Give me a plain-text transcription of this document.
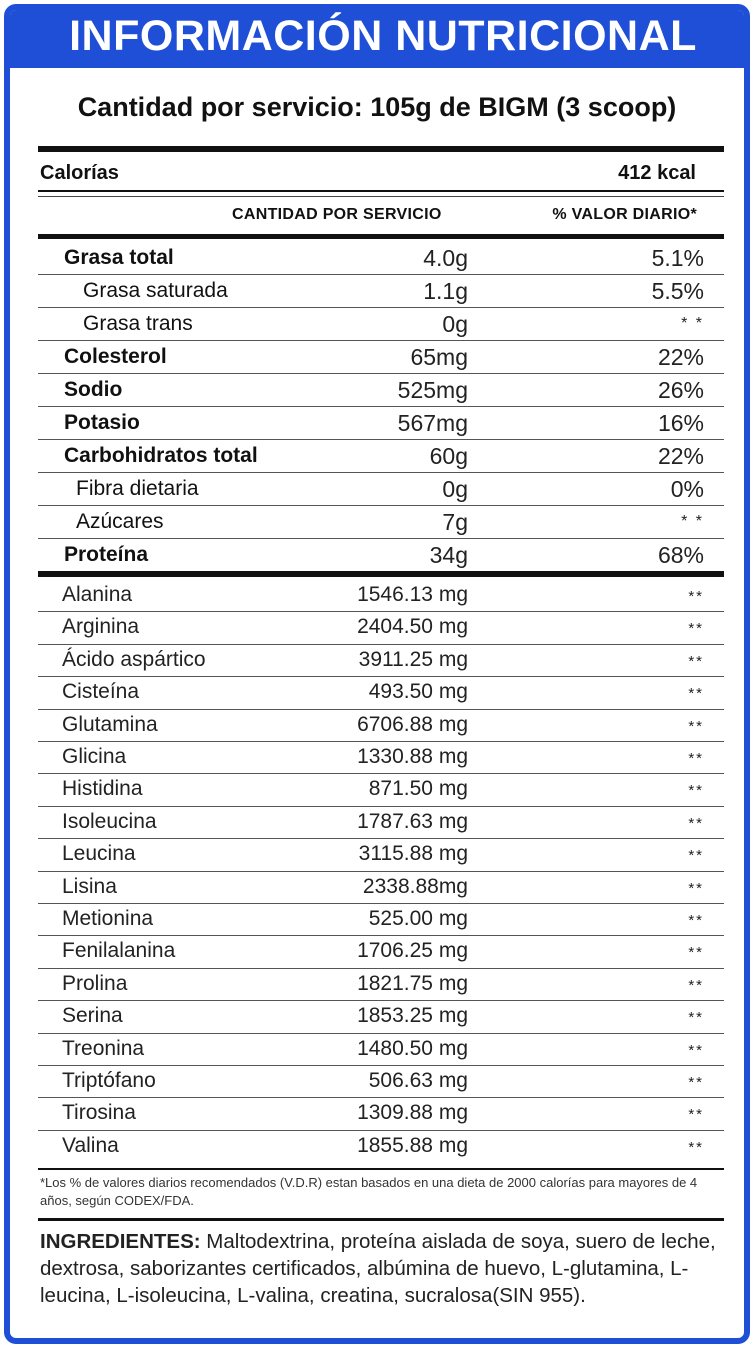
INFORMACIÓN NUTRICIONAL
Cantidad por servicio: 105g de BIGM (3 scoop)
Calorías	412 kcal
CANTIDAD POR SERVICIO	% VALOR DIARIO*
Grasa total	4.0g	5.1%
Grasa saturada	1.1g	5.5%
Grasa trans	0g	* *
Colesterol	65mg	22%
Sodio	525mg	26%
Potasio	567mg	16%
Carbohidratos total	60g	22%
Fibra dietaria	0g	0%
Azúcares	7g	* *
Proteína	34g	68%
Alanina	1546.13 mg	**
Arginina	2404.50 mg	**
Ácido aspártico	3911.25 mg	**
Cisteína	493.50 mg	**
Glutamina	6706.88 mg	**
Glicina	1330.88 mg	**
Histidina	871.50 mg	**
Isoleucina	1787.63 mg	**
Leucina	3115.88 mg	**
Lisina	2338.88mg	**
Metionina	525.00 mg	**
Fenilalanina	1706.25 mg	**
Prolina	1821.75 mg	**
Serina	1853.25 mg	**
Treonina	1480.50 mg	**
Triptófano	506.63 mg	**
Tirosina	1309.88 mg	**
Valina	1855.88 mg	**
*Los % de valores diarios recomendados (V.D.R) estan basados en una dieta de 2000 calorías para mayores de 4 años, según CODEX/FDA.
INGREDIENTES: Maltodextrina, proteína aislada de soya, suero de leche, dextrosa, saborizantes certificados, albúmina de huevo, L-glutamina, L-leucina, L-isoleucina, L-valina, creatina, sucralosa(SIN 955).
